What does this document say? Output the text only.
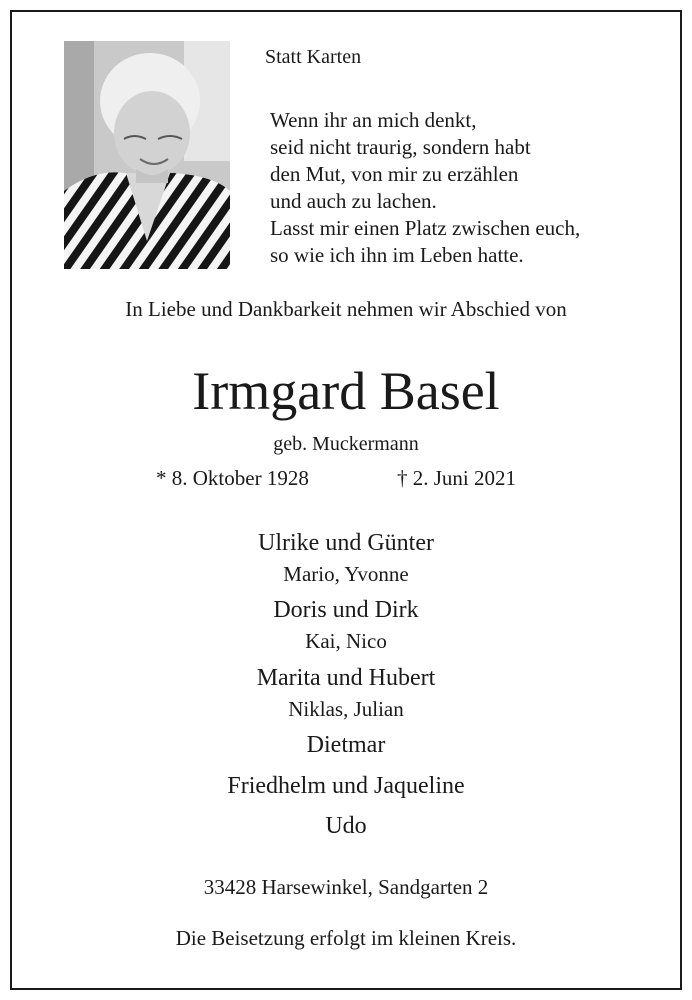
Statt Karten
Wenn ihr an mich denkt,
seid nicht traurig, sondern habt
den Mut, von mir zu erzählen
und auch zu lachen.
Lasst mir einen Platz zwischen euch,
so wie ich ihn im Leben hatte.
In Liebe und Dankbarkeit nehmen wir Abschied von
Irmgard Basel
geb. Muckermann
* 8. Oktober 1928	† 2. Juni 2021
Ulrike und Günter
Mario, Yvonne
Doris und Dirk
Kai, Nico
Marita und Hubert
Niklas, Julian
Dietmar
Friedhelm und Jaqueline
Udo
33428 Harsewinkel, Sandgarten 2
Die Beisetzung erfolgt im kleinen Kreis.
